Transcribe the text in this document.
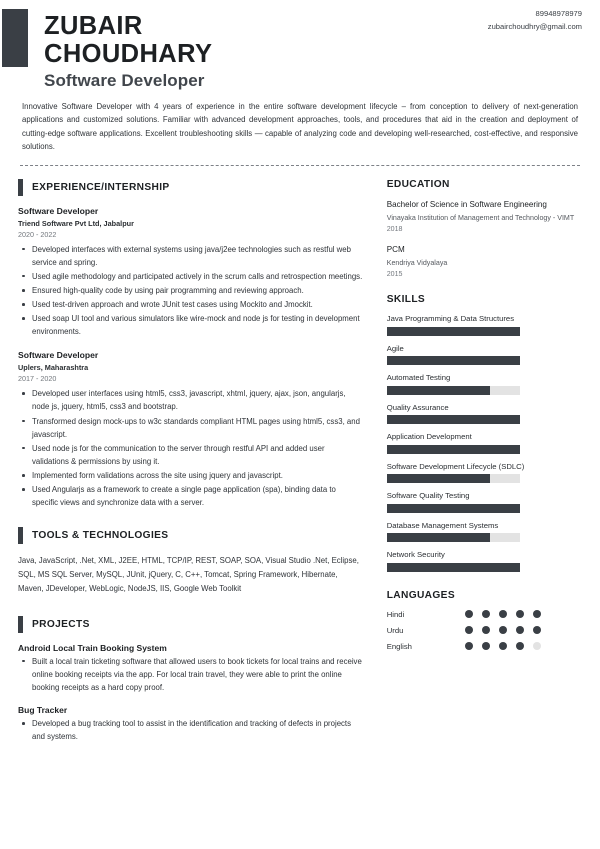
ZUBAIR
CHOUDHARY
Software Developer
89948978979
zubairchoudhry@gmail.com
Innovative Software Developer with 4 years of experience in the entire software development lifecycle – from conception to delivery of next-generation applications and customized solutions. Familiar with advanced development approaches, tools, and procedures that aid in the creation and deployment of cutting-edge software applications. Excellent troubleshooting skills — capable of analyzing code and developing well-researched, cost-effective, and responsive solutions.
EXPERIENCE/INTERNSHIP
Software Developer
Triend Software Pvt Ltd, Jabalpur
2020 - 2022
Developed interfaces with external systems using java/j2ee technologies such as restful web service and spring.
Used agile methodology and participated actively in the scrum calls and retrospection meetings.
Ensured high-quality code by using pair programming and reviewing approach.
Used test-driven approach and wrote JUnit test cases using Mockito and Jmockit.
Used soap UI tool and various simulators like wire-mock and node js for testing in development environments.
Software Developer
Uplers, Maharashtra
2017 - 2020
Developed user interfaces using html5, css3, javascript, xhtml, jquery, ajax, json, angularjs, node js, jquery, html5, css3 and bootstrap.
Transformed design mock-ups to w3c standards compliant HTML pages using html5, css3, and javascript.
Used node js for the communication to the server through restful API and added user validations & permissions by using it.
Implemented form validations across the site using jquery and javascript.
Used Angularjs as a framework to create a single page application (spa), binding data to specific views and synchronize data with a server.
TOOLS & TECHNOLOGIES
Java, JavaScript, .Net, XML, J2EE, HTML, TCP/IP, REST, SOAP, SOA, Visual Studio .Net, Eclipse, SQL, MS SQL Server, MySQL, JUnit, jQuery, C, C++, Tomcat, Spring Framework, Hibernate, Maven, JDeveloper, WebLogic, NodeJS, IIS, Google Web Toolkit
PROJECTS
Android Local Train Booking System
Built a local train ticketing software that allowed users to book tickets for local trains and receive online booking receipts via the app. For local train travel, they were able to print the online booking receipts as a hard copy proof.
Bug Tracker
Developed a bug tracking tool to assist in the identification and tracking of defects in projects and systems.
EDUCATION
Bachelor of Science in Software Engineering
Vinayaka Institution of Management and Technology - VIMT
2018
PCM
Kendriya Vidyalaya
2015
SKILLS
Java Programming & Data Structures
Agile
Automated Testing
Quality Assurance
Application Development
Software Development Lifecycle (SDLC)
Software Quality Testing
Database Management Systems
Network Security
LANGUAGES
Hindi
Urdu
English
